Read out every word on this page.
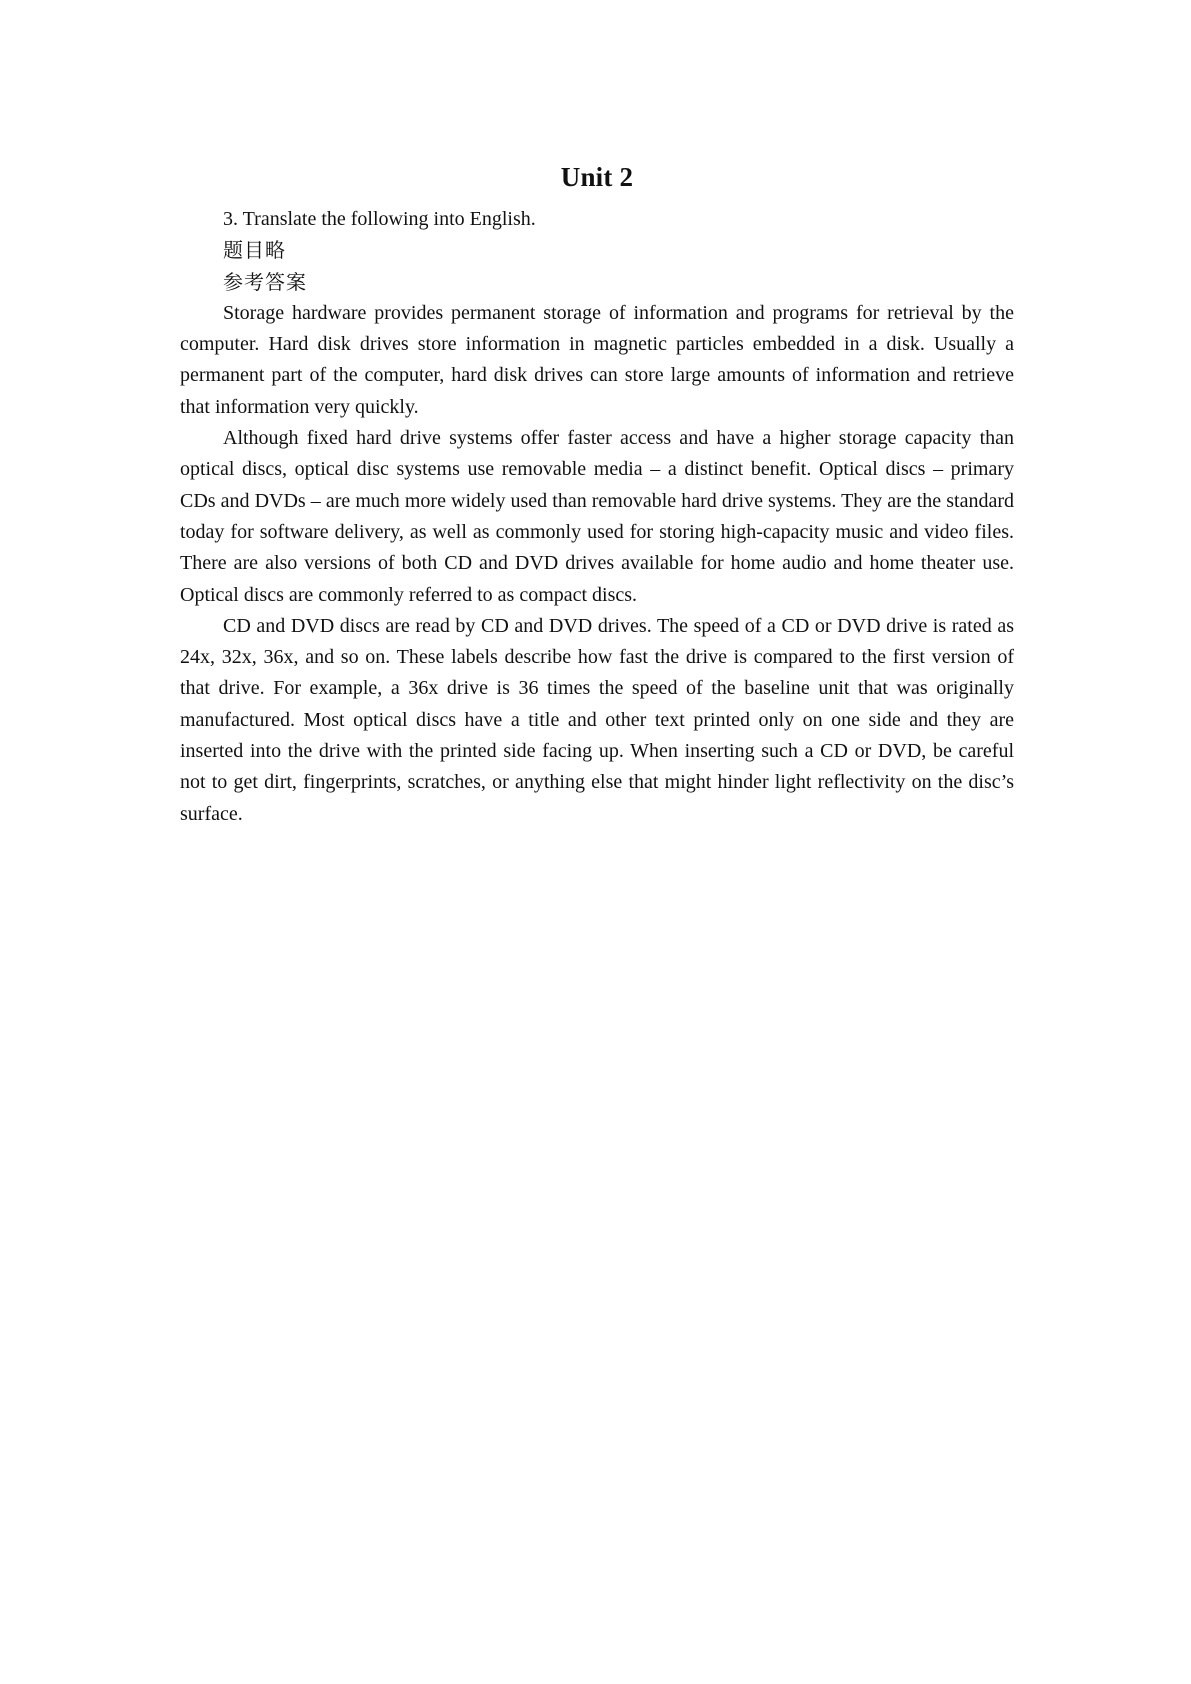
Unit 2

3. Translate the following into English.

题目略

参考答案

Storage hardware provides permanent storage of information and programs for retrieval by the computer. Hard disk drives store information in magnetic particles embedded in a disk. Usually a permanent part of the computer, hard disk drives can store large amounts of information and retrieve that information very quickly.

Although fixed hard drive systems offer faster access and have a higher storage capacity than optical discs, optical disc systems use removable media – a distinct benefit. Optical discs – primary CDs and DVDs – are much more widely used than removable hard drive systems. They are the standard today for software delivery, as well as commonly used for storing high-capacity music and video files.   There are also versions of both CD and DVD drives available for home audio and home theater use. Optical discs are commonly referred to as compact discs.

CD and DVD discs are read by CD and DVD drives. The speed of a CD or DVD drive is rated as 24x, 32x, 36x, and so on. These labels describe how fast the drive is compared to the first version of that drive. For example, a 36x drive is 36 times the speed of the baseline unit that was originally manufactured. Most optical discs have a title and other text printed only on one side and they are inserted into the drive with the printed side facing up. When inserting such a CD or DVD, be careful not to get dirt, fingerprints, scratches, or anything else that might hinder light reflectivity on the disc’s surface.
